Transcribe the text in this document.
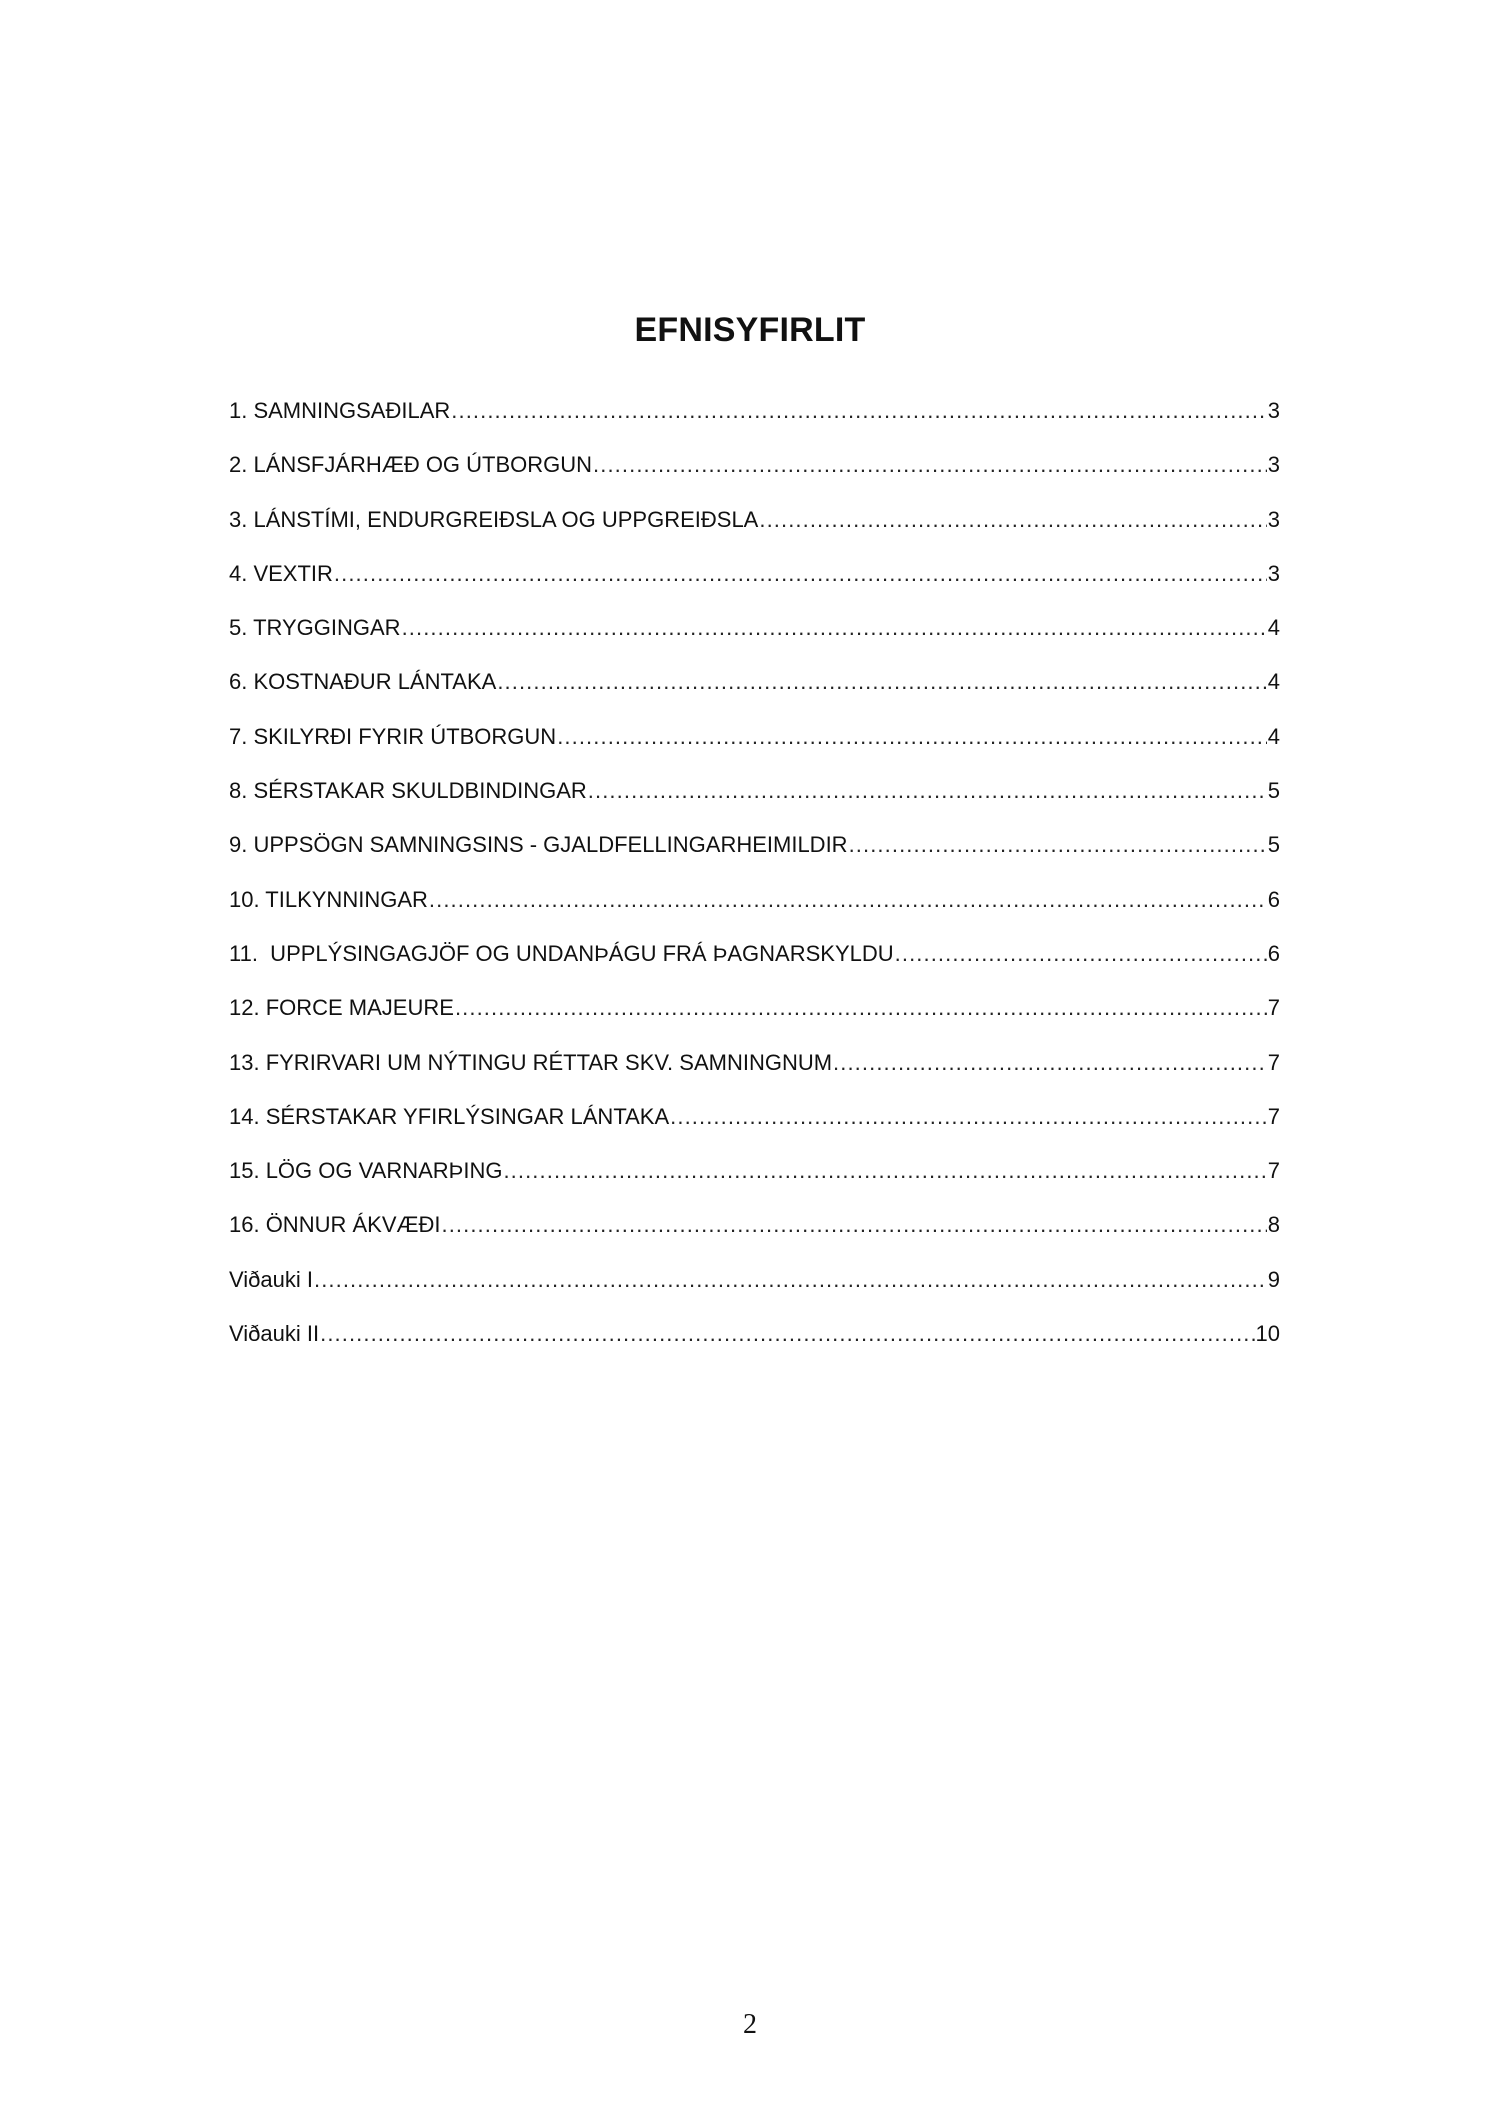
EFNISYFIRLIT
1. SAMNINGSAÐILAR .....	3
2. LÁNSFJÁRHÆÐ OG ÚTBORGUN .....	3
3. LÁNSTÍMI, ENDURGREIÐSLA OG UPPGREIÐSLA .....	3
4. VEXTIR .....	3
5. TRYGGINGAR .....	4
6. KOSTNAÐUR LÁNTAKA .....	4
7. SKILYRÐI FYRIR ÚTBORGUN .....	4
8. SÉRSTAKAR SKULDBINDINGAR .....	5
9. UPPSÖGN SAMNINGSINS - GJALDFELLINGARHEIMILDIR .....	5
10. TILKYNNINGAR .....	6
11.  UPPLÝSINGAGJÖF OG UNDANÞÁGU FRÁ ÞAGNARSKYLDU .....	6
12. FORCE MAJEURE .....	7
13. FYRIRVARI UM NÝTINGU RÉTTAR SKV. SAMNINGNUM .....	7
14. SÉRSTAKAR YFIRLÝSINGAR LÁNTAKA .....	7
15. LÖG OG VARNARÞING .....	7
16. ÖNNUR ÁKVÆÐI .....	8
Viðauki I .....	9
Viðauki II .....	10
2
